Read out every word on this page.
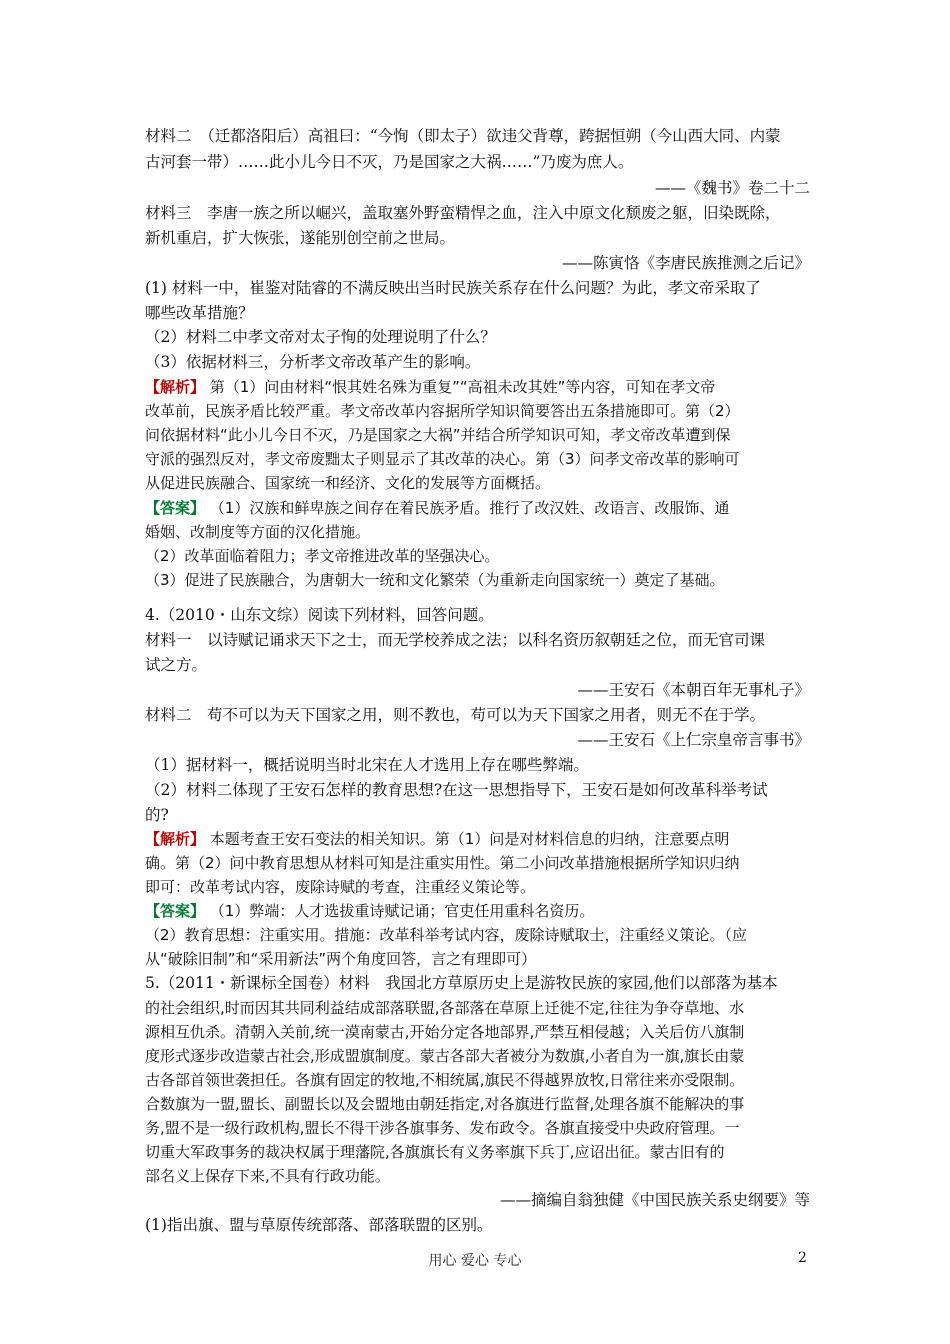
材料二　（迁都洛阳后）高祖曰：“今恂（即太子）欲违父背尊，跨据恒朔（今山西大同、内蒙
古河套一带）……此小儿今日不灭，乃是国家之大祸……”乃废为庶人。
——《魏书》卷二十二
材料三　李唐一族之所以崛兴，盖取塞外野蛮精悍之血，注入中原文化颓废之躯，旧染既除，
新机重启，扩大恢张，遂能别创空前之世局。
——陈寅恪《李唐民族推测之后记》
(1) 材料一中，崔鉴对陆睿的不满反映出当时民族关系存在什么问题？为此，孝文帝采取了
哪些改革措施？
（2）材料二中孝文帝对太子恂的处理说明了什么？
（3）依据材料三，分析孝文帝改革产生的影响。
【解析】 第（1）问由材料“恨其姓名殊为重复”“高祖未改其姓”等内容，可知在孝文帝
改革前，民族矛盾比较严重。孝文帝改革内容据所学知识简要答出五条措施即可。第（2）
问依据材料“此小儿今日不灭，乃是国家之大祸”并结合所学知识可知，孝文帝改革遭到保
守派的强烈反对，孝文帝废黜太子则显示了其改革的决心。第（3）问孝文帝改革的影响可
从促进民族融合、国家统一和经济、文化的发展等方面概括。
【答案】 （1）汉族和鲜卑族之间存在着民族矛盾。推行了改汉姓、改语言、改服饰、通
婚姻、改制度等方面的汉化措施。
（2）改革面临着阻力；孝文帝推进改革的坚强决心。
（3）促进了民族融合，为唐朝大一统和文化繁荣（为重新走向国家统一）奠定了基础。
4.（2010・山东文综）阅读下列材料，回答问题。
材料一　以诗赋记诵求天下之士，而无学校养成之法；以科名资历叙朝廷之位，而无官司课
试之方。
——王安石《本朝百年无事札子》
材料二　苟不可以为天下国家之用，则不教也，苟可以为天下国家之用者，则无不在于学。
——王安石《上仁宗皇帝言事书》
（1）据材料一，概括说明当时北宋在人才选用上存在哪些弊端。
（2）材料二体现了王安石怎样的教育思想?在这一思想指导下，王安石是如何改革科举考试
的?
【解析】 本题考查王安石变法的相关知识。第（1）问是对材料信息的归纳，注意要点明
确。第（2）问中教育思想从材料可知是注重实用性。第二小问改革措施根据所学知识归纳
即可：改革考试内容，废除诗赋的考查，注重经义策论等。
【答案】 （1）弊端：人才选拔重诗赋记诵；官吏任用重科名资历。
（2）教育思想：注重实用。措施：改革科举考试内容，废除诗赋取士，注重经义策论。（应
从“破除旧制”和“采用新法”两个角度回答，言之有理即可）
5.（2011・新课标全国卷）材料　我国北方草原历史上是游牧民族的家园,他们以部落为基本
的社会组织,时而因其共同利益结成部落联盟,各部落在草原上迁徙不定,往往为争夺草地、水
源相互仇杀。清朝入关前,统一漠南蒙古,开始分定各地部界,严禁互相侵越；入关后仿八旗制
度形式逐步改造蒙古社会,形成盟旗制度。蒙古各部大者被分为数旗,小者自为一旗,旗长由蒙
古各部首领世袭担任。各旗有固定的牧地,不相统属,旗民不得越界放牧,日常往来亦受限制。
合数旗为一盟,盟长、副盟长以及会盟地由朝廷指定,对各旗进行监督,处理各旗不能解决的事
务,盟不是一级行政机构,盟长不得干涉各旗事务、发布政令。各旗直接受中央政府管理。一
切重大军政事务的裁决权属于理藩院,各旗旗长有义务率旗下兵丁,应诏出征。蒙古旧有的
部名义上保存下来,不具有行政功能。
——摘编自翁独健《中国民族关系史纲要》等
(1)指出旗、盟与草原传统部落、部落联盟的区别。
用心 爱心 专心	2
